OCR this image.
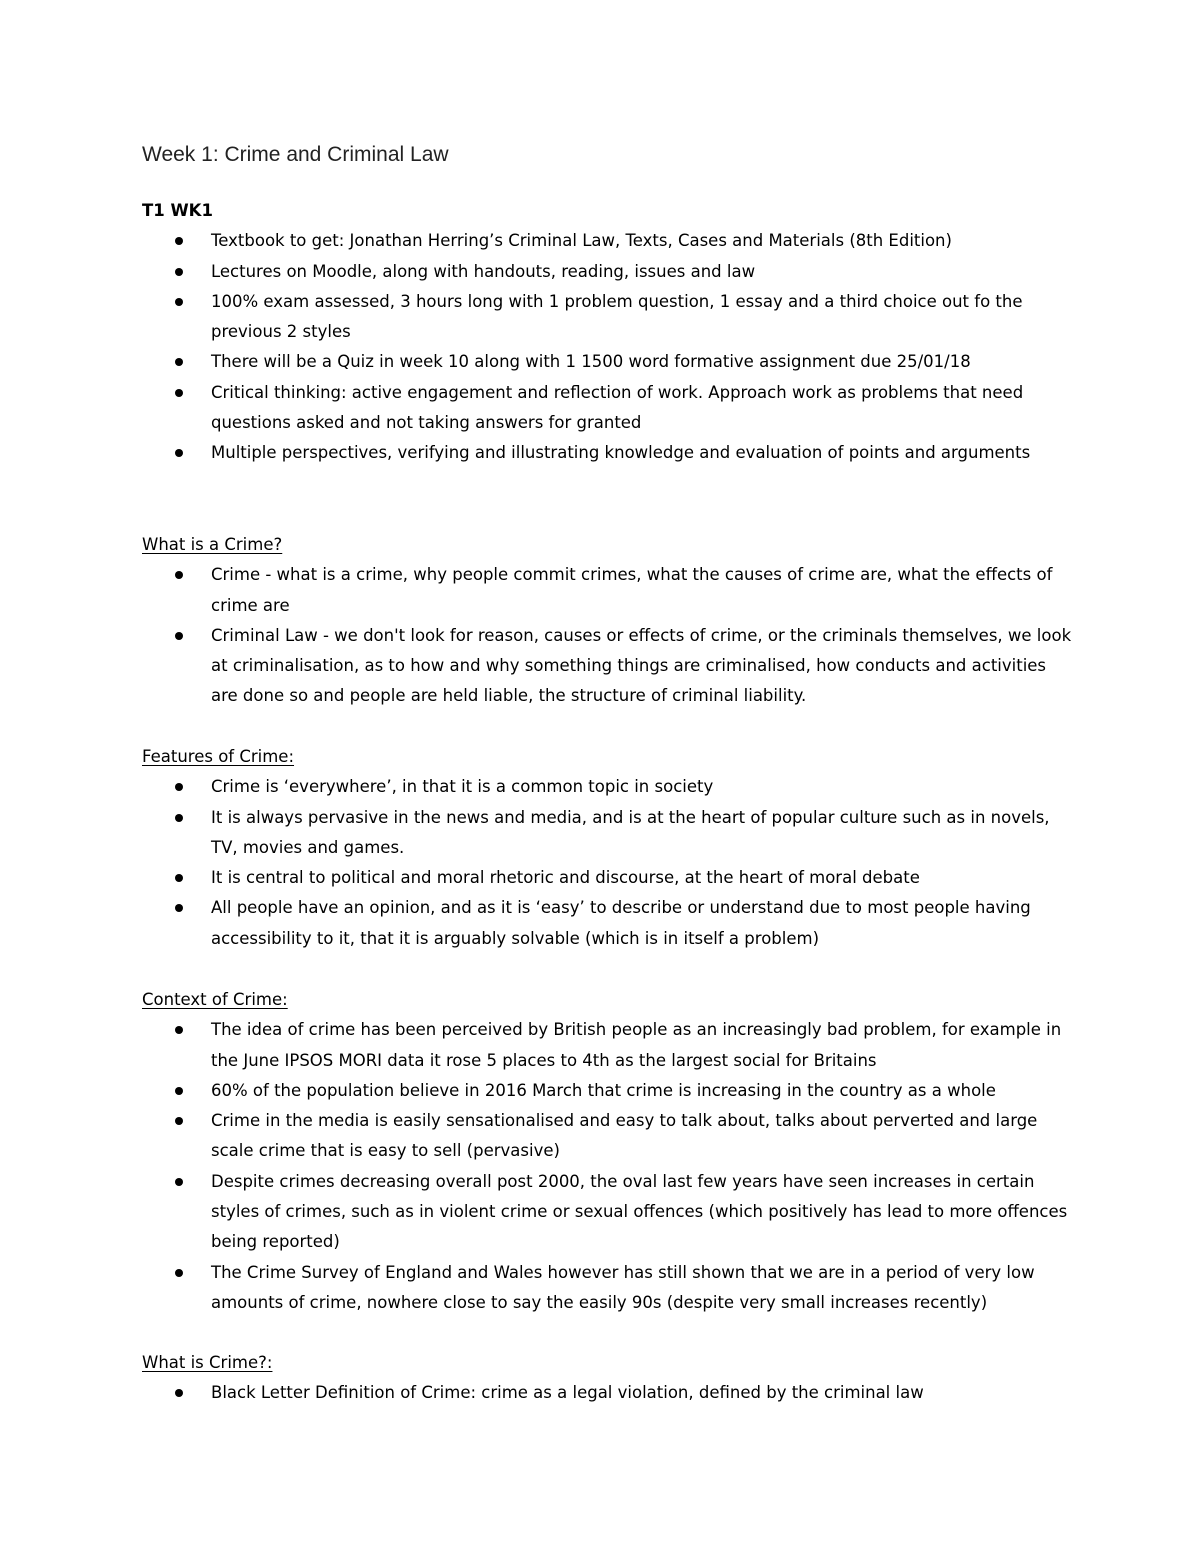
Week 1: Crime and Criminal Law
T1 WK1
Textbook to get: Jonathan Herring’s Criminal Law, Texts, Cases and Materials (8th Edition)
Lectures on Moodle, along with handouts, reading, issues and law
100% exam assessed, 3 hours long with 1 problem question, 1 essay and a third choice out fo the previous 2 styles
There will be a Quiz in week 10 along with 1 1500 word formative assignment due 25/01/18
Critical thinking: active engagement and reflection of work. Approach work as problems that need questions asked and not taking answers for granted
Multiple perspectives, verifying and illustrating knowledge and evaluation of points and arguments
What is a Crime?
Crime - what is a crime, why people commit crimes, what the causes of crime are, what the effects of crime are
Criminal Law - we don't look for reason, causes or effects of crime, or the criminals themselves, we look at criminalisation, as to how and why something things are criminalised, how conducts and activities are done so and people are held liable, the structure of criminal liability.
Features of Crime:
Crime is ‘everywhere’, in that it is a common topic in society
It is always pervasive in the news and media, and is at the heart of popular culture such as in novels, TV, movies and games.
It is central to political and moral rhetoric and discourse, at the heart of moral debate
All people have an opinion, and as it is ‘easy’ to describe or understand due to most people having accessibility to it, that it is arguably solvable (which is in itself a problem)
Context of Crime:
The idea of crime has been perceived by British people as an increasingly bad problem, for example in the June IPSOS MORI data it rose 5 places to 4th as the largest social for Britains
60% of the population believe in 2016 March that crime is increasing in the country as a whole
Crime in the media is easily sensationalised and easy to talk about, talks about perverted and large scale crime that is easy to sell (pervasive)
Despite crimes decreasing overall post 2000, the oval last few years have seen increases in certain styles of crimes, such as in violent crime or sexual offences (which positively has lead to more offences being reported)
The Crime Survey of England and Wales however has still shown that we are in a period of very low amounts of crime, nowhere close to say the easily 90s (despite very small increases recently)
What is Crime?:
Black Letter Definition of Crime: crime as a legal violation, defined by the criminal law
